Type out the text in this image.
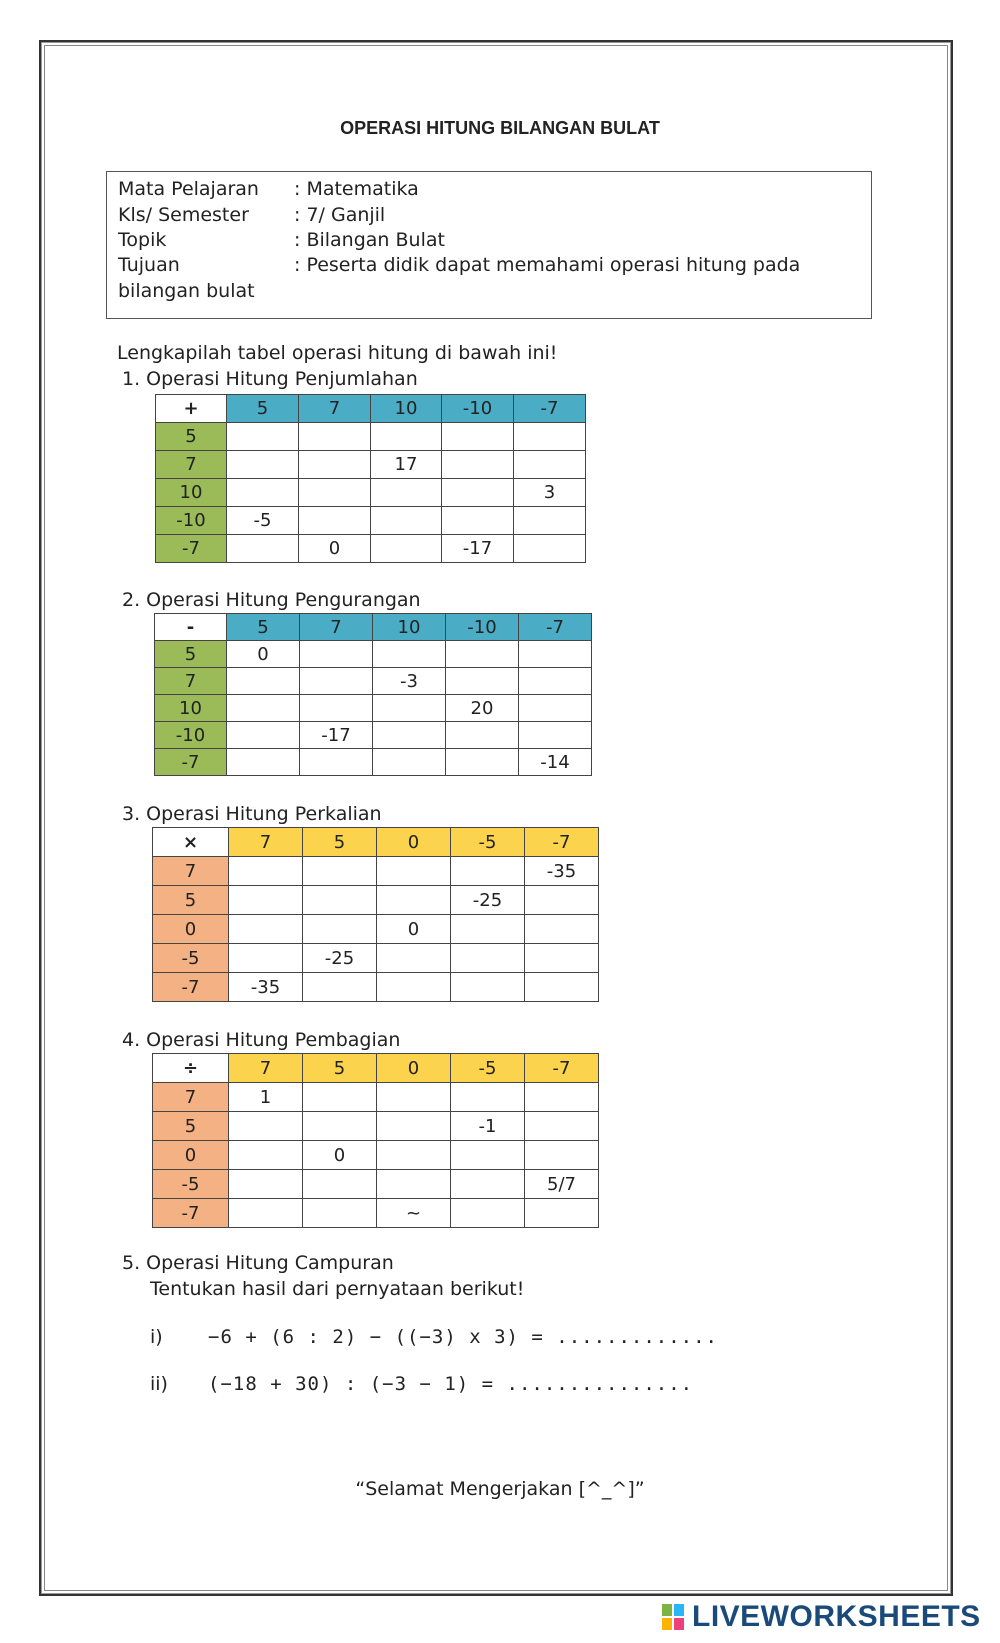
OPERASI HITUNG BILANGAN BULAT
Mata Pelajaran : Matematika
Kls/ Semester : 7/ Ganjil
Topik	: Bilangan Bulat
Tujuan	: Peserta didik dapat memahami operasi hitung pada
bilangan bulat
Lengkapilah tabel operasi hitung di bawah ini!
1. Operasi Hitung Penjumlahan
+	5	7	10	-10	-7
5					
7			17		
10					3
-10	-5				
-7		0		-17	
2. Operasi Hitung Pengurangan
-	5	7	10	-10	-7
5	0				
7			-3		
10				20	
-10		-17			
-7					-14
3. Operasi Hitung Perkalian
×	7	5	0	-5	-7
7					-35
5				-25	
0			0		
-5		-25			
-7	-35				
4. Operasi Hitung Pembagian
÷	7	5	0	-5	-7
7	1				
5				-1	
0		0			
-5					5/7
-7			~		
5. Operasi Hitung Campuran
Tentukan hasil dari pernyataan berikut!
i) −6 + (6 : 2) − ((−3) x 3) = .............
ii) (−18 + 30) : (−3 − 1) = ...............
“Selamat Mengerjakan [^_^]”
LIVEWORKSHEETS
